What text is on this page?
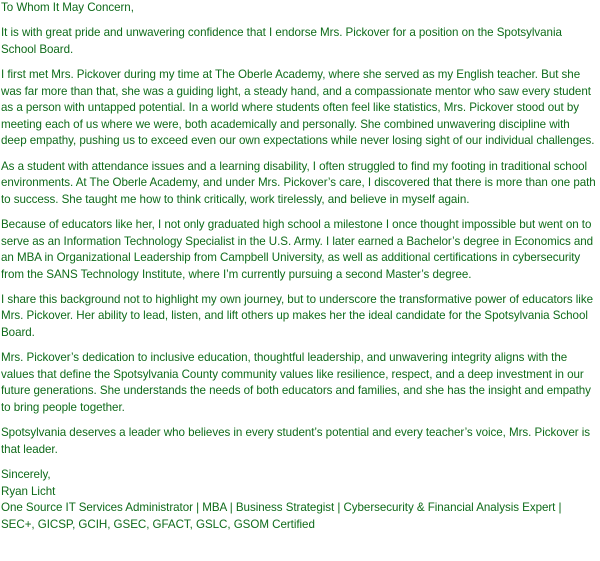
To Whom It May Concern,

It is with great pride and unwavering confidence that I endorse Mrs. Pickover for a position on the Spotsylvania School Board.

I first met Mrs. Pickover during my time at The Oberle Academy, where she served as my English teacher. But she was far more than that, she was a guiding light, a steady hand, and a compassionate mentor who saw every student as a person with untapped potential. In a world where students often feel like statistics, Mrs. Pickover stood out by meeting each of us where we were, both academically and personally. She combined unwavering discipline with deep empathy, pushing us to exceed even our own expectations while never losing sight of our individual challenges.

As a student with attendance issues and a learning disability, I often struggled to find my footing in traditional school environments. At The Oberle Academy, and under Mrs. Pickover’s care, I discovered that there is more than one path to success. She taught me how to think critically, work tirelessly, and believe in myself again.

Because of educators like her, I not only graduated high school a milestone I once thought impossible but went on to serve as an Information Technology Specialist in the U.S. Army. I later earned a Bachelor’s degree in Economics and an MBA in Organizational Leadership from Campbell University, as well as additional certifications in cybersecurity from the SANS Technology Institute, where I’m currently pursuing a second Master’s degree.

I share this background not to highlight my own journey, but to underscore the transformative power of educators like Mrs. Pickover. Her ability to lead, listen, and lift others up makes her the ideal candidate for the Spotsylvania School Board.

Mrs. Pickover’s dedication to inclusive education, thoughtful leadership, and unwavering integrity aligns with the values that define the Spotsylvania County community values like resilience, respect, and a deep investment in our future generations. She understands the needs of both educators and families, and she has the insight and empathy to bring people together.

Spotsylvania deserves a leader who believes in every student’s potential and every teacher’s voice, Mrs. Pickover is that leader.

Sincerely,

Ryan Licht

One Source IT Services Administrator | MBA | Business Strategist | Cybersecurity & Financial Analysis Expert |

SEC+, GICSP, GCIH, GSEC, GFACT, GSLC, GSOM Certified
